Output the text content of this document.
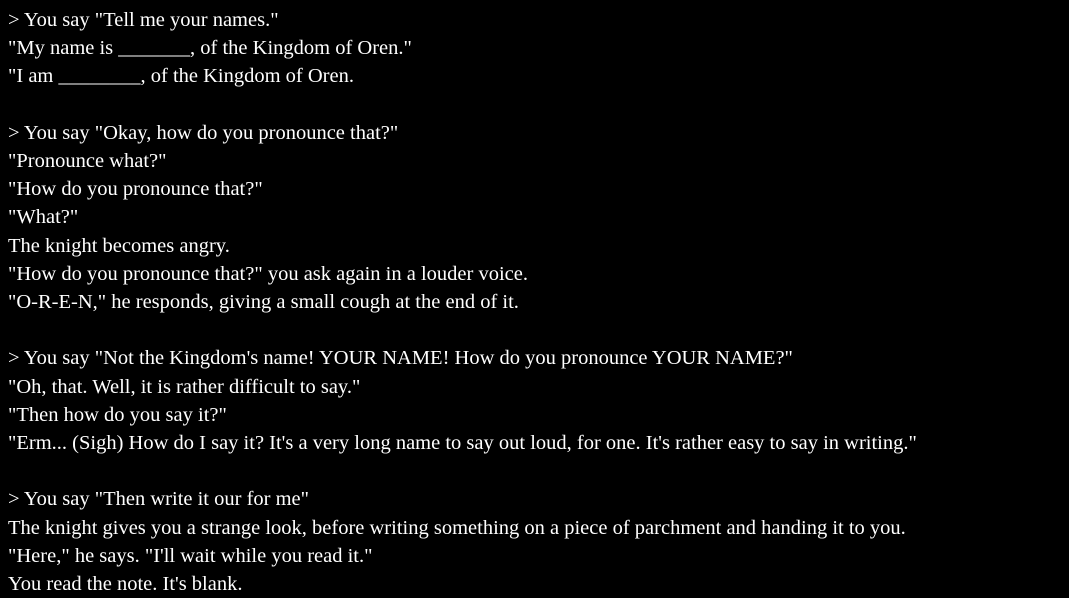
> You say "Tell me your names."
"My name is _______, of the Kingdom of Oren."
"I am ________, of the Kingdom of Oren.
> You say "Okay, how do you pronounce that?"
"Pronounce what?"
"How do you pronounce that?"
"What?"
The knight becomes angry.
"How do you pronounce that?" you ask again in a louder voice.
"O-R-E-N," he responds, giving a small cough at the end of it.
> You say "Not the Kingdom's name! YOUR NAME! How do you pronounce YOUR NAME?"
"Oh, that. Well, it is rather difficult to say."
"Then how do you say it?"
"Erm... (Sigh) How do I say it? It's a very long name to say out loud, for one. It's rather easy to say in writing."
> You say "Then write it our for me"
The knight gives you a strange look, before writing something on a piece of parchment and handing it to you.
"Here," he says. "I'll wait while you read it."
You read the note. It's blank.
